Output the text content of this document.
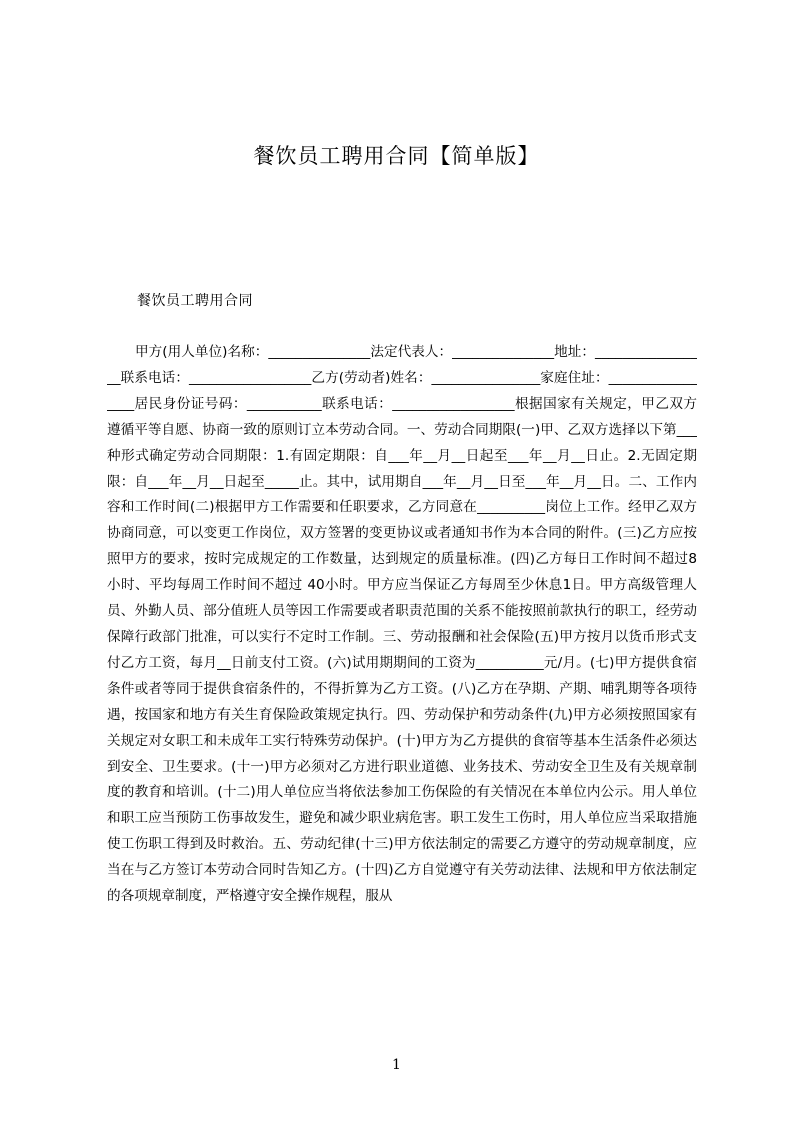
餐饮员工聘用合同【简单版】

餐饮员工聘用合同

甲方(用人单位)名称：_______________法定代表人：_______________地址：_________________联系电话：__________________乙方(劳动者)姓名：________________家庭住址：_________________居民身份证号码：___________联系电话：__________________根据国家有关规定，甲乙双方遵循平等自愿、协商一致的原则订立本劳动合同。一、劳动合同期限(一)甲、乙双方选择以下第___种形式确定劳动合同期限：1.有固定期限：自___年__月__日起至___年__月__日止。2.无固定期限：自___年__月__日起至_____止。其中，试用期自___年__月__日至___年__月__日。二、工作内容和工作时间(二)根据甲方工作需要和任职要求，乙方同意在__________岗位上工作。经甲乙双方协商同意，可以变更工作岗位，双方签署的变更协议或者通知书作为本合同的附件。(三)乙方应按照甲方的要求，按时完成规定的工作数量，达到规定的质量标准。(四)乙方每日工作时间不超过8小时、平均每周工作时间不超过 40小时。甲方应当保证乙方每周至少休息1日。甲方高级管理人员、外勤人员、部分值班人员等因工作需要或者职责范围的关系不能按照前款执行的职工，经劳动保障行政部门批准，可以实行不定时工作制。三、劳动报酬和社会保险(五)甲方按月以货币形式支付乙方工资，每月__日前支付工资。(六)试用期期间的工资为__________元/月。(七)甲方提供食宿条件或者等同于提供食宿条件的，不得折算为乙方工资。(八)乙方在孕期、产期、哺乳期等各项待遇，按国家和地方有关生育保险政策规定执行。四、劳动保护和劳动条件(九)甲方必须按照国家有关规定对女职工和未成年工实行特殊劳动保护。(十)甲方为乙方提供的食宿等基本生活条件必须达到安全、卫生要求。(十一)甲方必须对乙方进行职业道德、业务技术、劳动安全卫生及有关规章制度的教育和培训。(十二)用人单位应当将依法参加工伤保险的有关情况在本单位内公示。用人单位和职工应当预防工伤事故发生，避免和减少职业病危害。职工发生工伤时，用人单位应当采取措施使工伤职工得到及时救治。五、劳动纪律(十三)甲方依法制定的需要乙方遵守的劳动规章制度，应当在与乙方签订本劳动合同时告知乙方。(十四)乙方自觉遵守有关劳动法律、法规和甲方依法制定的各项规章制度，严格遵守安全操作规程，服从

1
